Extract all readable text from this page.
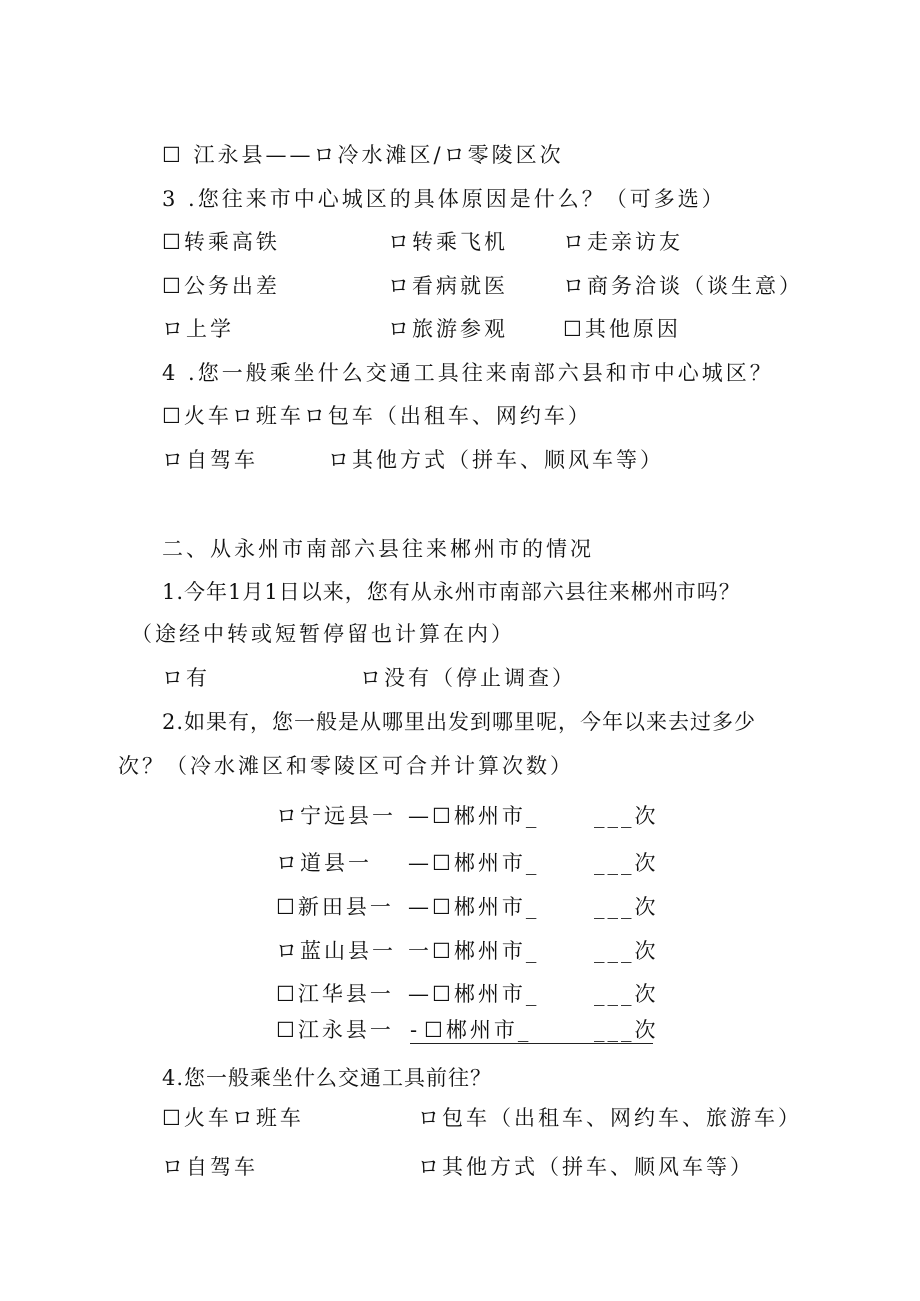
☐ 江永县——ロ冷水滩区/ロ零陵区次
3 .您往来市中心城区的具体原因是什么？（可多选）
☐转乘高铁	ロ转乘飞机	ロ走亲访友
☐公务出差	ロ看病就医	ロ商务洽谈（谈生意）
ロ上学	ロ旅游参观	☐其他原因
4 .您一般乘坐什么交通工具往来南部六县和市中心城区？
☐火车ロ班车ロ包车（出租车、网约车）
ロ自驾车	ロ其他方式（拼车、顺风车等）
二、从永州市南部六县往来郴州市的情况
1.今年1月1日以来，您有从永州市南部六县往来郴州市吗？
（途经中转或短暂停留也计算在内）
ロ有	ロ没有（停止调查）
2.如果有，您一般是从哪里出发到哪里呢，今年以来去过多少
次？（冷水滩区和零陵区可合并计算次数）
ロ宁远县一 — ☐郴州市_	___次
ロ道县一 — ☐郴州市_	___次
☐新田县一 — ☐郴州市_	___次
ロ蓝山县一 一 ☐郴州市_	___次
☐江华县一 — ☐郴州市_	___次
☐江永县一 - ☐郴州市_	___次
4.您一般乘坐什么交通工具前往？
☐火车ロ班车	ロ包车（出租车、网约车、旅游车）
ロ自驾车	ロ其他方式（拼车、顺风车等）
